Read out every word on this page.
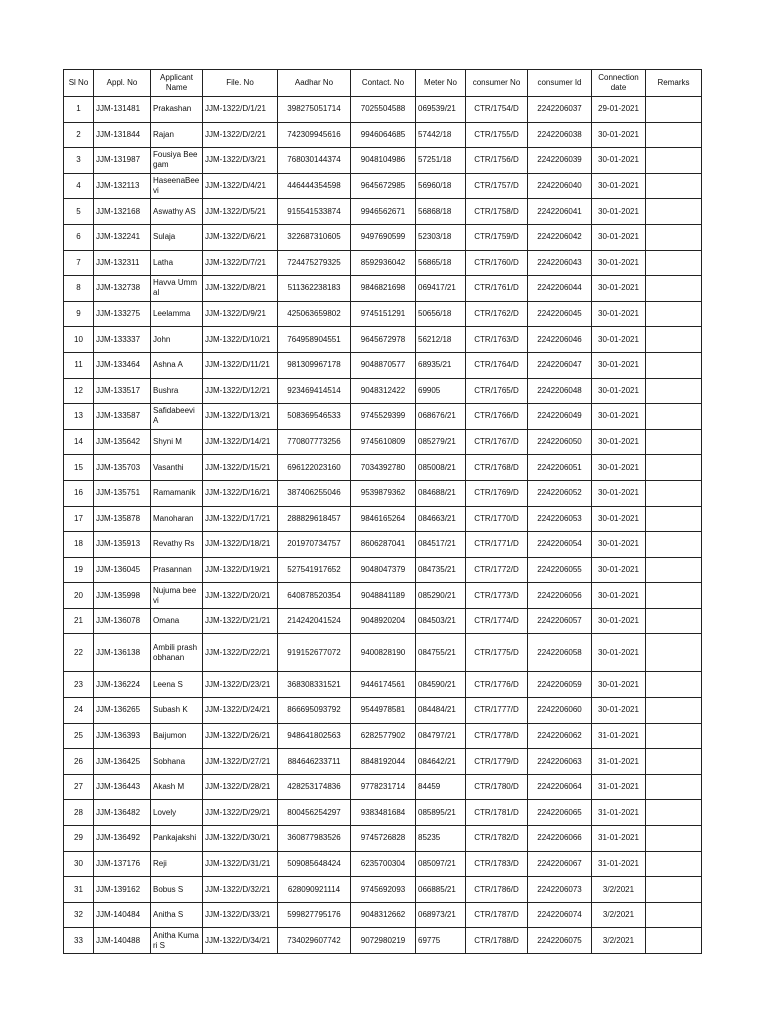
Sl No	Appl. No	Applicant Name	File. No	Aadhar No	Contact. No	Meter No	consumer No	consumer Id	Connection date	Remarks
1	JJM-131481	Prakashan	JJM-1322/D/1/21	398275051714	7025504588	069539/21	CTR/1754/D	2242206037	29-01-2021	
2	JJM-131844	Rajan	JJM-1322/D/2/21	742309945616	9946064685	57442/18	CTR/1755/D	2242206038	30-01-2021	
3	JJM-131987	Fousiya Beegam	JJM-1322/D/3/21	768030144374	9048104986	57251/18	CTR/1756/D	2242206039	30-01-2021	
4	JJM-132113	HaseenaBeevi	JJM-1322/D/4/21	446444354598	9645672985	56960/18	CTR/1757/D	2242206040	30-01-2021	
5	JJM-132168	Aswathy AS	JJM-1322/D/5/21	915541533874	9946562671	56868/18	CTR/1758/D	2242206041	30-01-2021	
6	JJM-132241	Sulaja	JJM-1322/D/6/21	322687310605	9497690599	52303/18	CTR/1759/D	2242206042	30-01-2021	
7	JJM-132311	Latha	JJM-1322/D/7/21	724475279325	8592936042	56865/18	CTR/1760/D	2242206043	30-01-2021	
8	JJM-132738	Havva Ummal	JJM-1322/D/8/21	511362238183	9846821698	069417/21	CTR/1761/D	2242206044	30-01-2021	
9	JJM-133275	Leelamma	JJM-1322/D/9/21	425063659802	9745151291	50656/18	CTR/1762/D	2242206045	30-01-2021	
10	JJM-133337	John	JJM-1322/D/10/21	764958904551	9645672978	56212/18	CTR/1763/D	2242206046	30-01-2021	
11	JJM-133464	Ashna A	JJM-1322/D/11/21	981309967178	9048870577	68935/21	CTR/1764/D	2242206047	30-01-2021	
12	JJM-133517	Bushra	JJM-1322/D/12/21	923469414514	9048312422	69905	CTR/1765/D	2242206048	30-01-2021	
13	JJM-133587	Safidabeevi A	JJM-1322/D/13/21	508369546533	9745529399	068676/21	CTR/1766/D	2242206049	30-01-2021	
14	JJM-135642	Shyni M	JJM-1322/D/14/21	770807773256	9745610809	085279/21	CTR/1767/D	2242206050	30-01-2021	
15	JJM-135703	Vasanthi	JJM-1322/D/15/21	696122023160	7034392780	085008/21	CTR/1768/D	2242206051	30-01-2021	
16	JJM-135751	Ramamanik	JJM-1322/D/16/21	387406255046	9539879362	084688/21	CTR/1769/D	2242206052	30-01-2021	
17	JJM-135878	Manoharan	JJM-1322/D/17/21	288829618457	9846165264	084663/21	CTR/1770/D	2242206053	30-01-2021	
18	JJM-135913	Revathy Rs	JJM-1322/D/18/21	201970734757	8606287041	084517/21	CTR/1771/D	2242206054	30-01-2021	
19	JJM-136045	Prasannan	JJM-1322/D/19/21	527541917652	9048047379	084735/21	CTR/1772/D	2242206055	30-01-2021	
20	JJM-135998	Nujuma beevi	JJM-1322/D/20/21	640878520354	9048841189	085290/21	CTR/1773/D	2242206056	30-01-2021	
21	JJM-136078	Omana	JJM-1322/D/21/21	214242041524	9048920204	084503/21	CTR/1774/D	2242206057	30-01-2021	
22	JJM-136138	Ambili prashobhanan	JJM-1322/D/22/21	919152677072	9400828190	084755/21	CTR/1775/D	2242206058	30-01-2021	
23	JJM-136224	Leena S	JJM-1322/D/23/21	368308331521	9446174561	084590/21	CTR/1776/D	2242206059	30-01-2021	
24	JJM-136265	Subash K	JJM-1322/D/24/21	866695093792	9544978581	084484/21	CTR/1777/D	2242206060	30-01-2021	
25	JJM-136393	Baijumon	JJM-1322/D/26/21	948641802563	6282577902	084797/21	CTR/1778/D	2242206062	31-01-2021	
26	JJM-136425	Sobhana	JJM-1322/D/27/21	884646233711	8848192044	084642/21	CTR/1779/D	2242206063	31-01-2021	
27	JJM-136443	Akash M	JJM-1322/D/28/21	428253174836	9778231714	84459	CTR/1780/D	2242206064	31-01-2021	
28	JJM-136482	Lovely	JJM-1322/D/29/21	800456254297	9383481684	085895/21	CTR/1781/D	2242206065	31-01-2021	
29	JJM-136492	Pankajakshi	JJM-1322/D/30/21	360877983526	9745726828	85235	CTR/1782/D	2242206066	31-01-2021	
30	JJM-137176	Reji	JJM-1322/D/31/21	509085648424	6235700304	085097/21	CTR/1783/D	2242206067	31-01-2021	
31	JJM-139162	Bobus S	JJM-1322/D/32/21	628090921114	9745692093	066885/21	CTR/1786/D	2242206073	3/2/2021	
32	JJM-140484	Anitha S	JJM-1322/D/33/21	599827795176	9048312662	068973/21	CTR/1787/D	2242206074	3/2/2021	
33	JJM-140488	Anitha Kumari S	JJM-1322/D/34/21	734029607742	9072980219	69775	CTR/1788/D	2242206075	3/2/2021	
